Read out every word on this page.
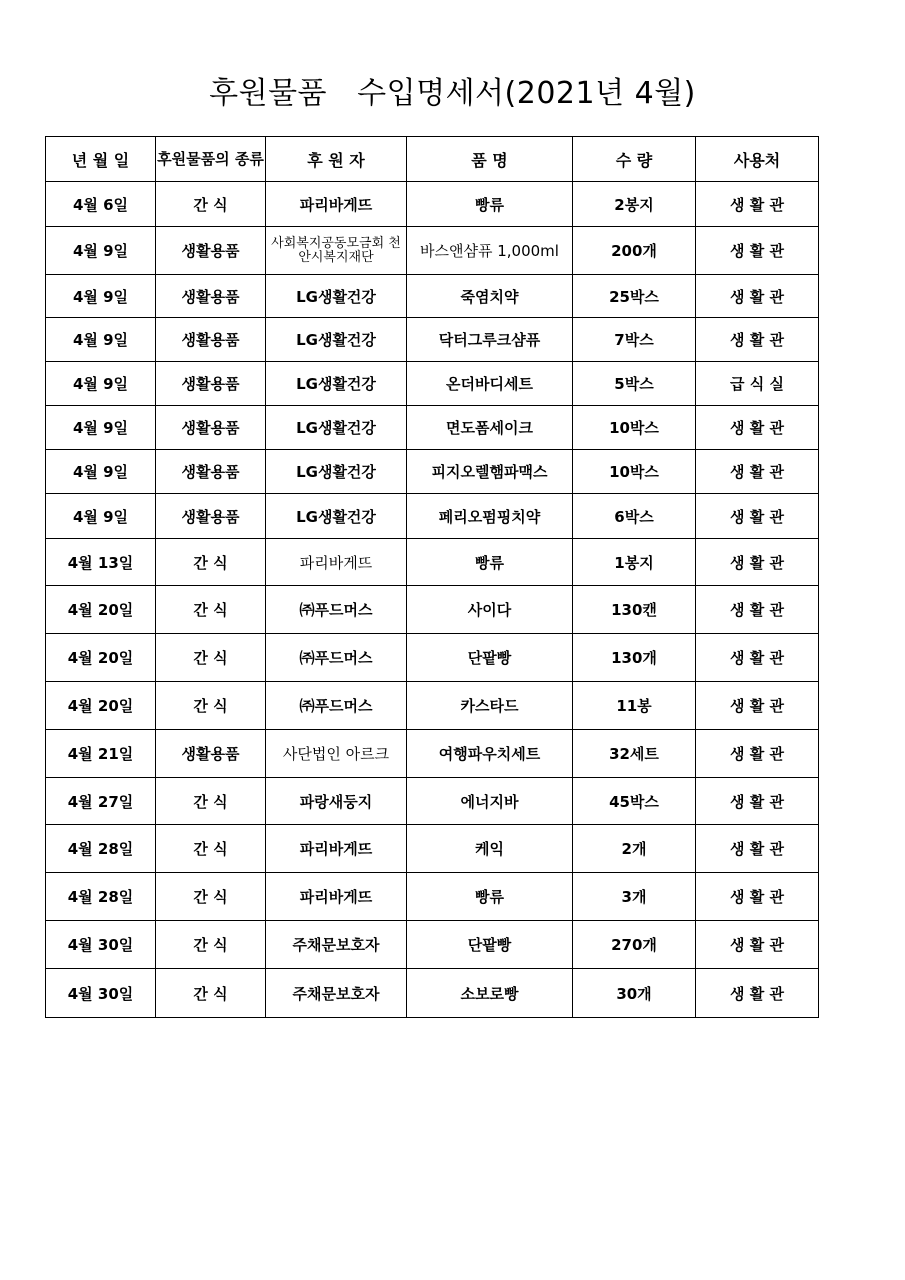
후원물품   수입명세서(2021년 4월)
년 월 일	후원물품의 종류	후 원 자	품 명	수 량	사용처
4월 6일	간 식	파리바게뜨	빵류	2봉지	생 활 관
4월 9일	생활용품	사회복지공동모금회 천안시복지재단	바스앤샴퓨 1,000ml	200개	생 활 관
4월 9일	생활용품	LG생활건강	죽염치약	25박스	생 활 관
4월 9일	생활용품	LG생활건강	닥터그루크샴퓨	7박스	생 활 관
4월 9일	생활용품	LG생활건강	온더바디세트	5박스	급 식 실
4월 9일	생활용품	LG생활건강	면도폼세이크	10박스	생 활 관
4월 9일	생활용품	LG생활건강	피지오렐햄파맥스	10박스	생 활 관
4월 9일	생활용품	LG생활건강	페리오펌핑치약	6박스	생 활 관
4월 13일	간 식	파리바게뜨	빵류	1봉지	생 활 관
4월 20일	간 식	㈜푸드머스	사이다	130캔	생 활 관
4월 20일	간 식	㈜푸드머스	단팥빵	130개	생 활 관
4월 20일	간 식	㈜푸드머스	카스타드	11봉	생 활 관
4월 21일	생활용품	사단법인 아르크	여행파우치세트	32세트	생 활 관
4월 27일	간 식	파랑새둥지	에너지바	45박스	생 활 관
4월 28일	간 식	파리바게뜨	케익	2개	생 활 관
4월 28일	간 식	파리바게뜨	빵류	3개	생 활 관
4월 30일	간 식	주채문보호자	단팥빵	270개	생 활 관
4월 30일	간 식	주채문보호자	소보로빵	30개	생 활 관
